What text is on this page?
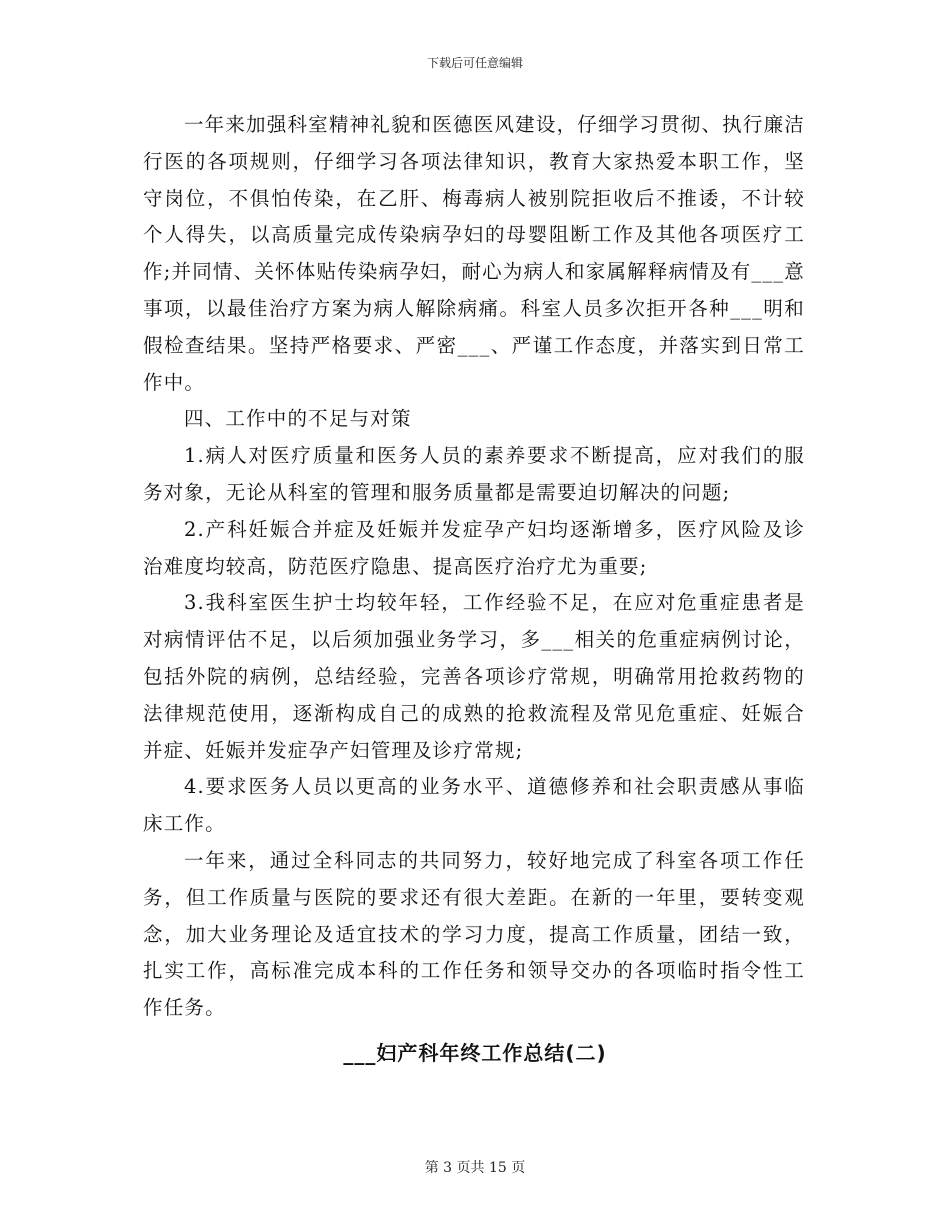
下载后可任意编辑

一年来加强科室精神礼貌和医德医风建设，仔细学习贯彻、执行廉洁行医的各项规则，仔细学习各项法律知识，教育大家热爱本职工作，坚守岗位，不俱怕传染，在乙肝、梅毒病人被别院拒收后不推诿，不计较个人得失，以高质量完成传染病孕妇的母婴阻断工作及其他各项医疗工作;并同情、关怀体贴传染病孕妇，耐心为病人和家属解释病情及有___意事项，以最佳治疗方案为病人解除病痛。科室人员多次拒开各种___明和假检查结果。坚持严格要求、严密___、严谨工作态度，并落实到日常工作中。

四、工作中的不足与对策

1.病人对医疗质量和医务人员的素养要求不断提高，应对我们的服务对象，无论从科室的管理和服务质量都是需要迫切解决的问题;

2.产科妊娠合并症及妊娠并发症孕产妇均逐渐增多，医疗风险及诊治难度均较高，防范医疗隐患、提高医疗治疗尤为重要;

3.我科室医生护士均较年轻，工作经验不足，在应对危重症患者是对病情评估不足，以后须加强业务学习，多___相关的危重症病例讨论，包括外院的病例，总结经验，完善各项诊疗常规，明确常用抢救药物的法律规范使用，逐渐构成自己的成熟的抢救流程及常见危重症、妊娠合并症、妊娠并发症孕产妇管理及诊疗常规;

4.要求医务人员以更高的业务水平、道德修养和社会职责感从事临床工作。

一年来，通过全科同志的共同努力，较好地完成了科室各项工作任务，但工作质量与医院的要求还有很大差距。在新的一年里，要转变观念，加大业务理论及适宜技术的学习力度，提高工作质量，团结一致，扎实工作，高标准完成本科的工作任务和领导交办的各项临时指令性工作任务。

___妇产科年终工作总结(二)
第 3 页共 15 页
